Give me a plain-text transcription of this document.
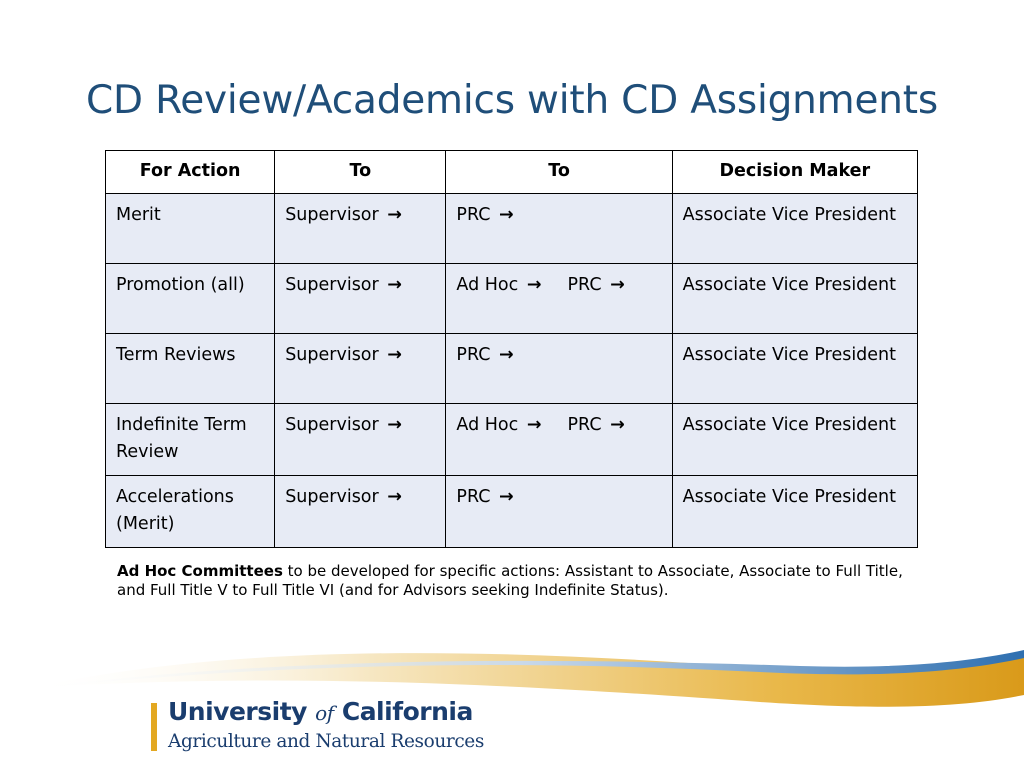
CD Review/Academics with CD Assignments
For Action	To	To	Decision Maker
Merit	Supervisor →	PRC →	Associate Vice President
Promotion (all)	Supervisor →	Ad Hoc → PRC →	Associate Vice President
Term Reviews	Supervisor →	PRC →	Associate Vice President
Indefinite Term Review	Supervisor →	Ad Hoc → PRC →	Associate Vice President
Accelerations (Merit)	Supervisor →	PRC →	Associate Vice President
Ad Hoc Committees to be developed for specific actions: Assistant to Associate, Associate to Full Title, and Full Title V to Full Title VI (and for Advisors seeking Indefinite Status).
University of California
Agriculture and Natural Resources
